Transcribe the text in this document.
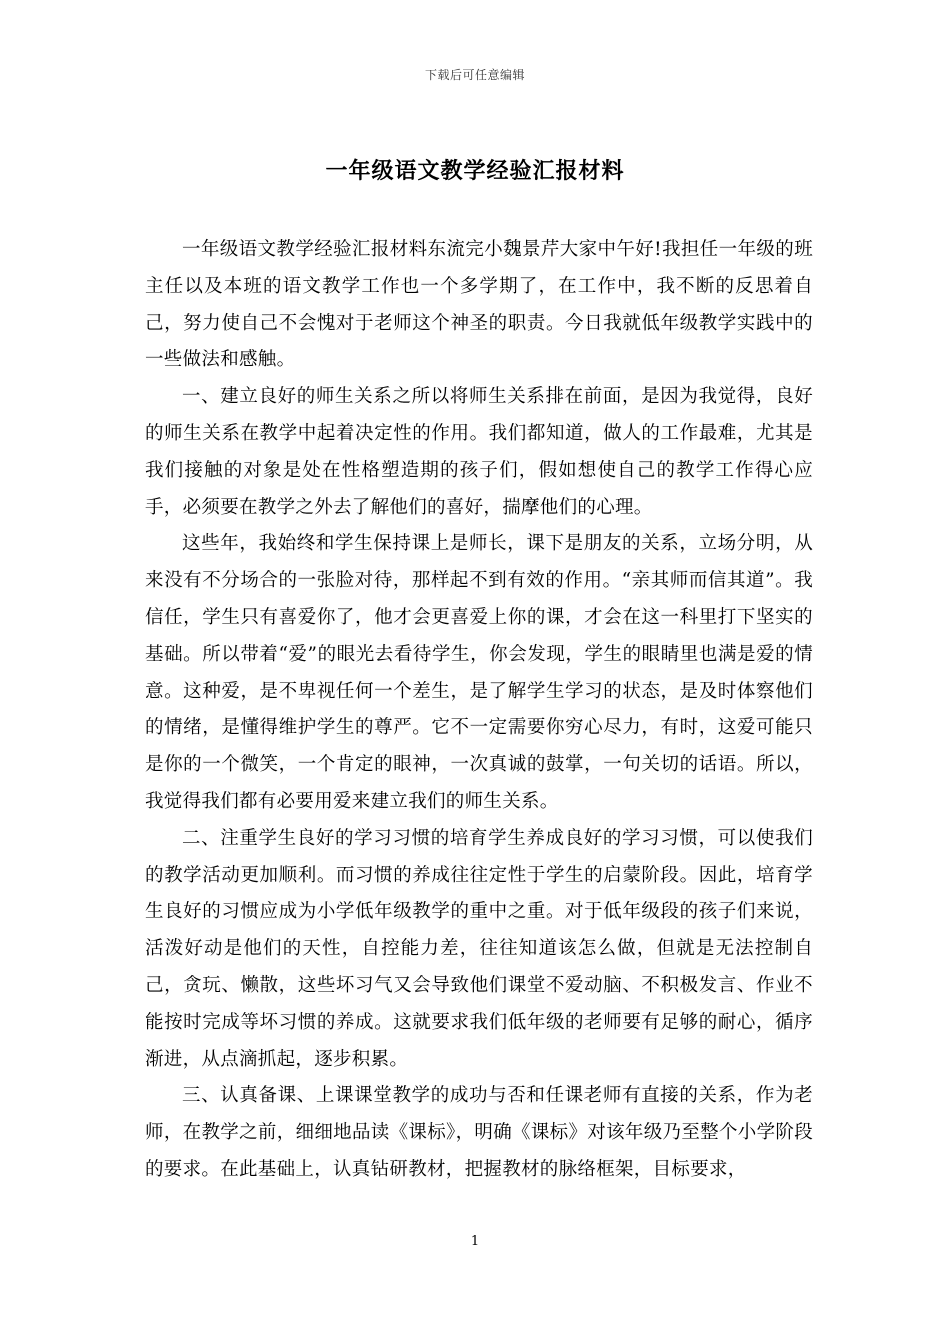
下载后可任意编辑
一年级语文教学经验汇报材料

一年级语文教学经验汇报材料东流完小魏景芹大家中午好!我担任一年级的班主任以及本班的语文教学工作也一个多学期了，在工作中，我不断的反思着自己，努力使自己不会愧对于老师这个神圣的职责。今日我就低年级教学实践中的一些做法和感触。

一、建立良好的师生关系之所以将师生关系排在前面，是因为我觉得，良好的师生关系在教学中起着决定性的作用。我们都知道，做人的工作最难，尤其是我们接触的对象是处在性格塑造期的孩子们，假如想使自己的教学工作得心应手，必须要在教学之外去了解他们的喜好，揣摩他们的心理。

这些年，我始终和学生保持课上是师长，课下是朋友的关系，立场分明，从来没有不分场合的一张脸对待，那样起不到有效的作用。“亲其师而信其道”。我信任，学生只有喜爱你了，他才会更喜爱上你的课，才会在这一科里打下坚实的基础。所以带着“爱”的眼光去看待学生，你会发现，学生的眼睛里也满是爱的情意。这种爱，是不卑视任何一个差生，是了解学生学习的状态，是及时体察他们的情绪，是懂得维护学生的尊严。它不一定需要你穷心尽力，有时，这爱可能只是你的一个微笑，一个肯定的眼神，一次真诚的鼓掌，一句关切的话语。所以，我觉得我们都有必要用爱来建立我们的师生关系。

二、注重学生良好的学习习惯的培育学生养成良好的学习习惯，可以使我们的教学活动更加顺利。而习惯的养成往往定性于学生的启蒙阶段。因此，培育学生良好的习惯应成为小学低年级教学的重中之重。对于低年级段的孩子们来说，活泼好动是他们的天性，自控能力差，往往知道该怎么做，但就是无法控制自己，贪玩、懒散，这些坏习气又会导致他们课堂不爱动脑、不积极发言、作业不能按时完成等坏习惯的养成。这就要求我们低年级的老师要有足够的耐心，循序渐进，从点滴抓起，逐步积累。

三、认真备课、上课课堂教学的成功与否和任课老师有直接的关系，作为老师，在教学之前，细细地品读《课标》，明确《课标》对该年级乃至整个小学阶段的要求。在此基础上，认真钻研教材，把握教材的脉络框架，目标要求，

1
